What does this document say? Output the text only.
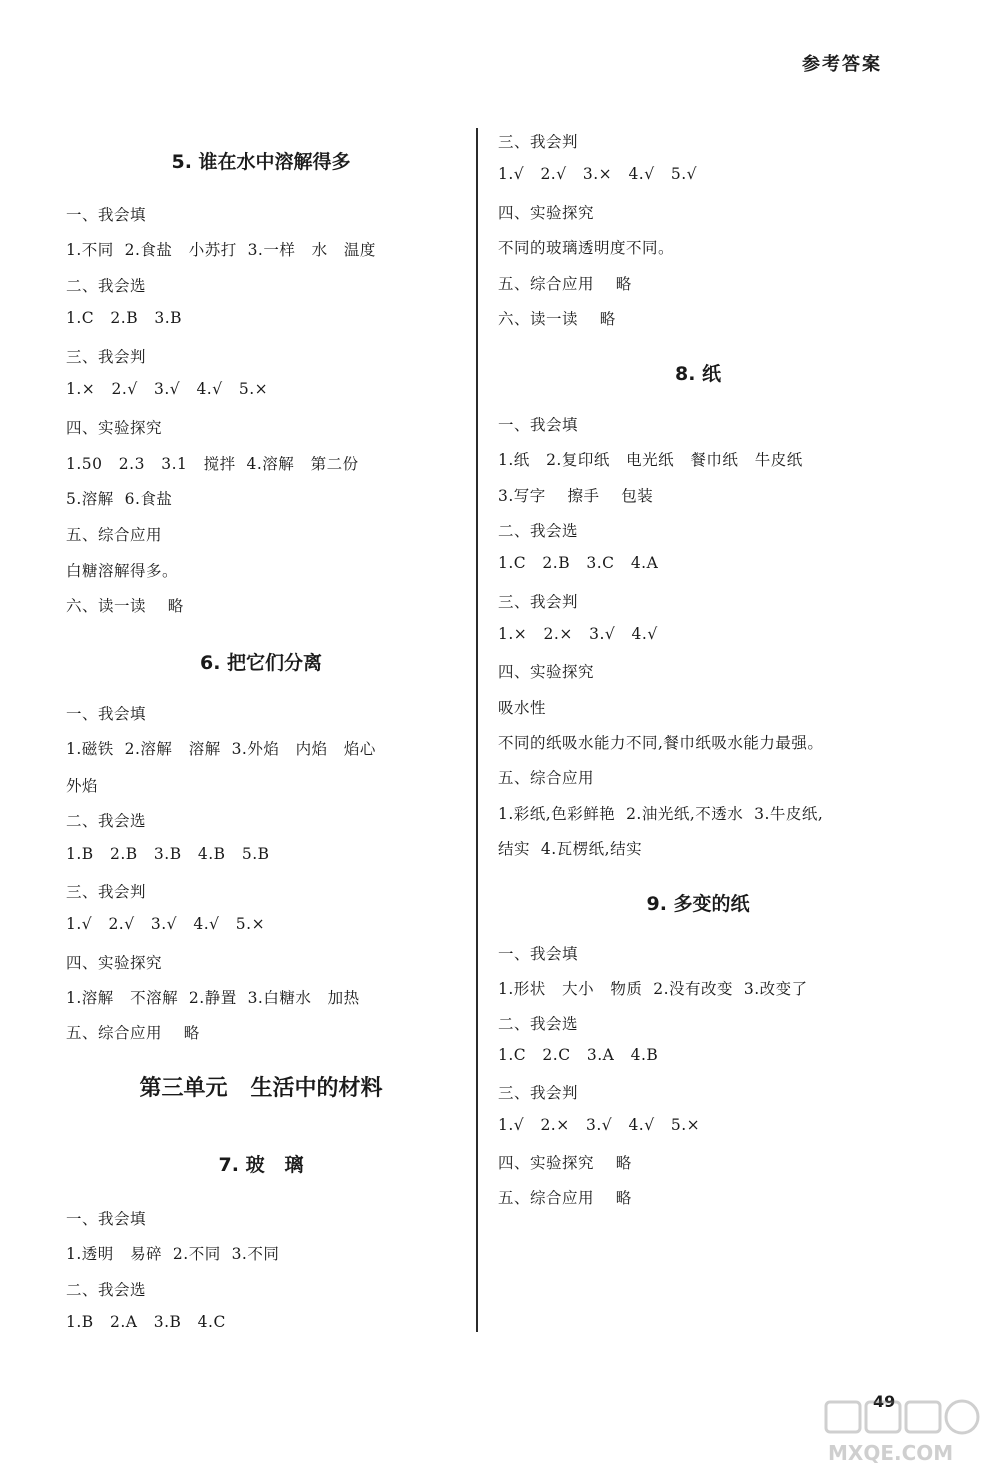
参考答案
5. 谁在水中溶解得多
一、我会填
1.不同  2.食盐   小苏打  3.一样   水   温度
二、我会选
1.C   2.B   3.B
三、我会判
1.×   2.√   3.√   4.√   5.×
四、实验探究
1.50   2.3   3.1   搅拌  4.溶解   第二份
5.溶解  6.食盐
五、综合应用
白糖溶解得多。
六、读一读    略
6. 把它们分离
一、我会填
1.磁铁  2.溶解   溶解  3.外焰   内焰   焰心
外焰
二、我会选
1.B   2.B   3.B   4.B   5.B
三、我会判
1.√   2.√   3.√   4.√   5.×
四、实验探究
1.溶解   不溶解  2.静置  3.白糖水   加热
五、综合应用    略
第三单元   生活中的材料
7. 玻   璃
一、我会填
1.透明   易碎  2.不同  3.不同
二、我会选
1.B   2.A   3.B   4.C
三、我会判
1.√   2.√   3.×   4.√   5.√
四、实验探究
不同的玻璃透明度不同。
五、综合应用    略
六、读一读    略
8. 纸
一、我会填
1.纸   2.复印纸   电光纸   餐巾纸   牛皮纸
3.写字    擦手    包装
二、我会选
1.C   2.B   3.C   4.A
三、我会判
1.×   2.×   3.√   4.√
四、实验探究
吸水性
不同的纸吸水能力不同,餐巾纸吸水能力最强。
五、综合应用
1.彩纸,色彩鲜艳  2.油光纸,不透水  3.牛皮纸,
结实  4.瓦楞纸,结实
9. 多变的纸
一、我会填
1.形状   大小   物质  2.没有改变  3.改变了
二、我会选
1.C   2.C   3.A   4.B
三、我会判
1.√   2.×   3.√   4.√   5.×
四、实验探究    略
五、综合应用    略
49
MXQE.COM
